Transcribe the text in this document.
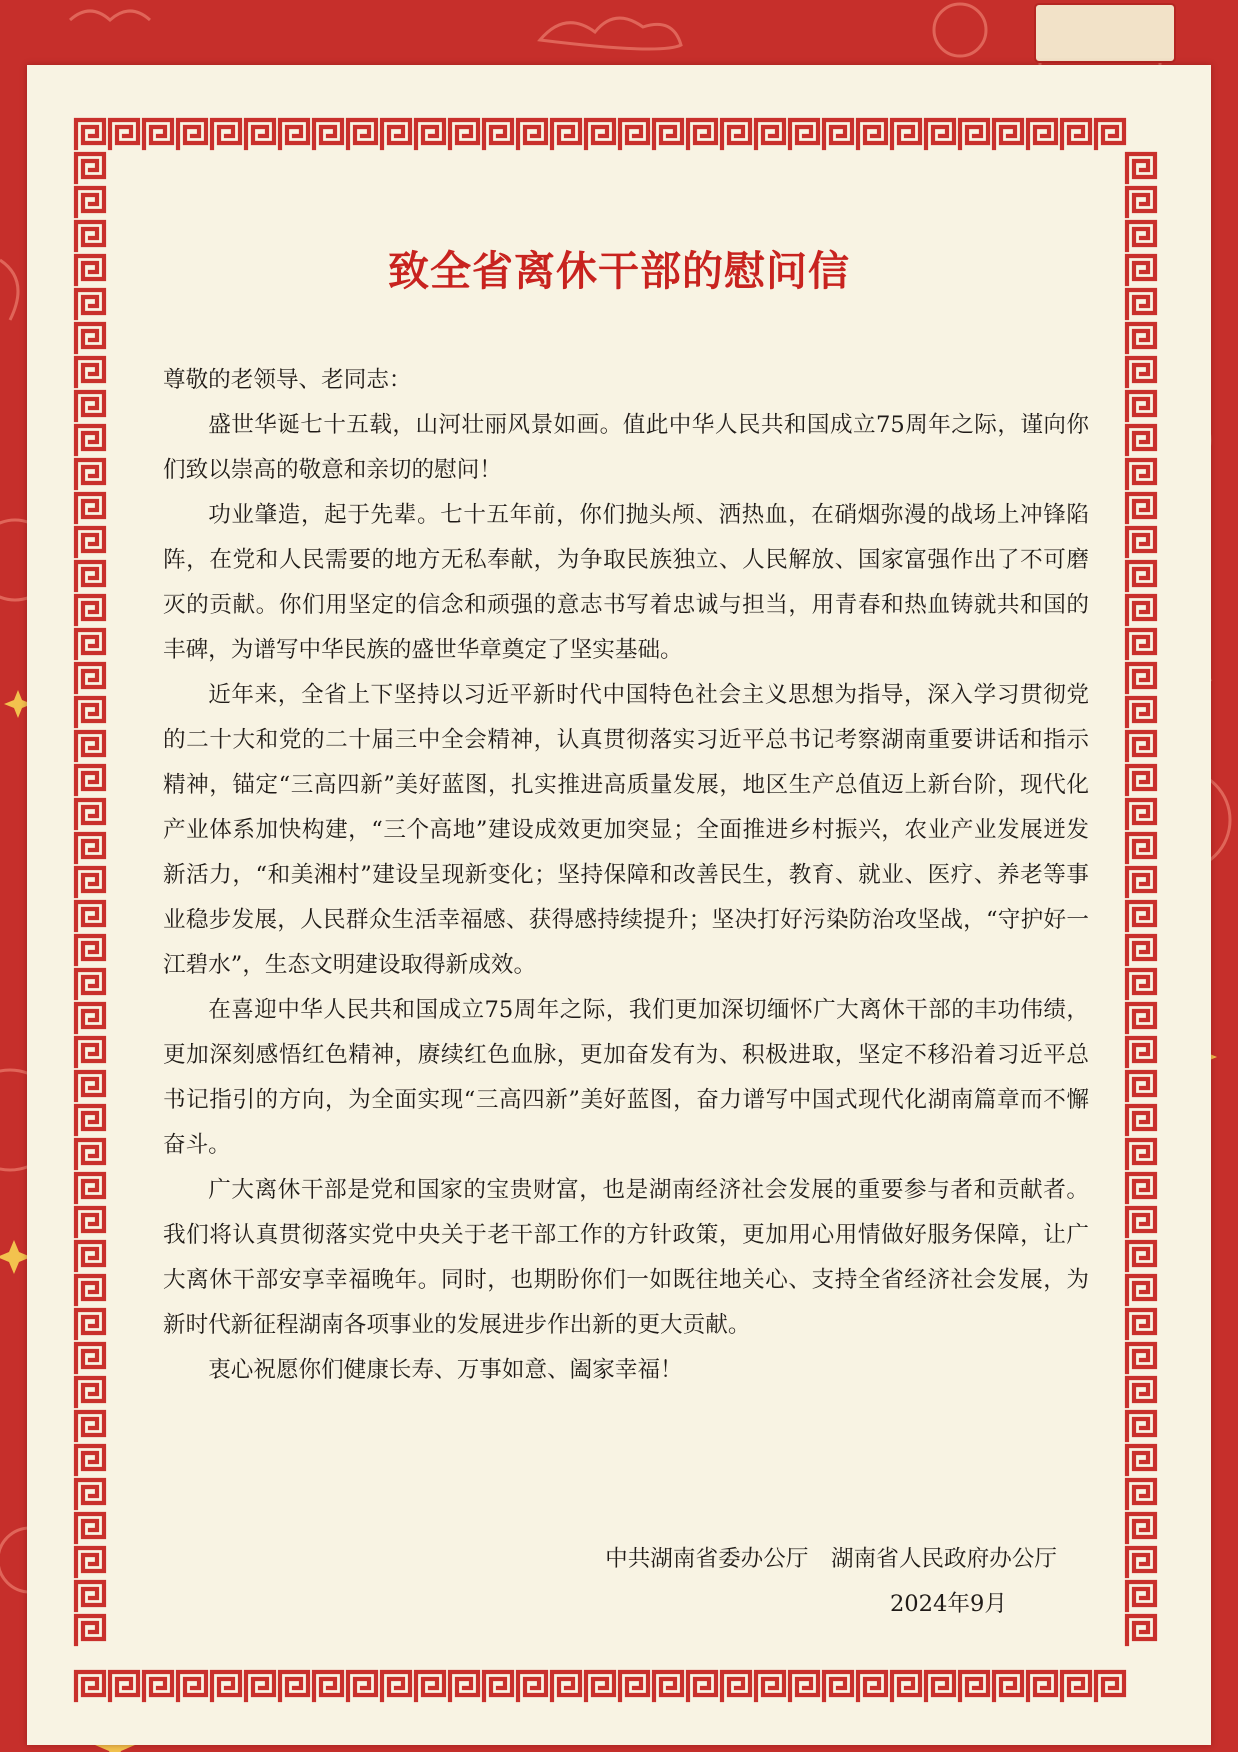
致全省离休干部的慰问信

尊敬的老领导、老同志：

盛世华诞七十五载，山河壮丽风景如画。值此中华人民共和国成立75周年之际，谨向你们致以崇高的敬意和亲切的慰问！

功业肇造，起于先辈。七十五年前，你们抛头颅、洒热血，在硝烟弥漫的战场上冲锋陷阵，在党和人民需要的地方无私奉献，为争取民族独立、人民解放、国家富强作出了不可磨灭的贡献。你们用坚定的信念和顽强的意志书写着忠诚与担当，用青春和热血铸就共和国的丰碑，为谱写中华民族的盛世华章奠定了坚实基础。

近年来，全省上下坚持以习近平新时代中国特色社会主义思想为指导，深入学习贯彻党的二十大和党的二十届三中全会精神，认真贯彻落实习近平总书记考察湖南重要讲话和指示精神，锚定“三高四新”美好蓝图，扎实推进高质量发展，地区生产总值迈上新台阶，现代化产业体系加快构建，“三个高地”建设成效更加突显；全面推进乡村振兴，农业产业发展迸发新活力，“和美湘村”建设呈现新变化；坚持保障和改善民生，教育、就业、医疗、养老等事业稳步发展，人民群众生活幸福感、获得感持续提升；坚决打好污染防治攻坚战，“守护好一江碧水”，生态文明建设取得新成效。

在喜迎中华人民共和国成立75周年之际，我们更加深切缅怀广大离休干部的丰功伟绩，更加深刻感悟红色精神，赓续红色血脉，更加奋发有为、积极进取，坚定不移沿着习近平总书记指引的方向，为全面实现“三高四新”美好蓝图，奋力谱写中国式现代化湖南篇章而不懈奋斗。

广大离休干部是党和国家的宝贵财富，也是湖南经济社会发展的重要参与者和贡献者。我们将认真贯彻落实党中央关于老干部工作的方针政策，更加用心用情做好服务保障，让广大离休干部安享幸福晚年。同时，也期盼你们一如既往地关心、支持全省经济社会发展，为新时代新征程湖南各项事业的发展进步作出新的更大贡献。

衷心祝愿你们健康长寿、万事如意、阖家幸福！

中共湖南省委办公厅　湖南省人民政府办公厅
2024年9月
